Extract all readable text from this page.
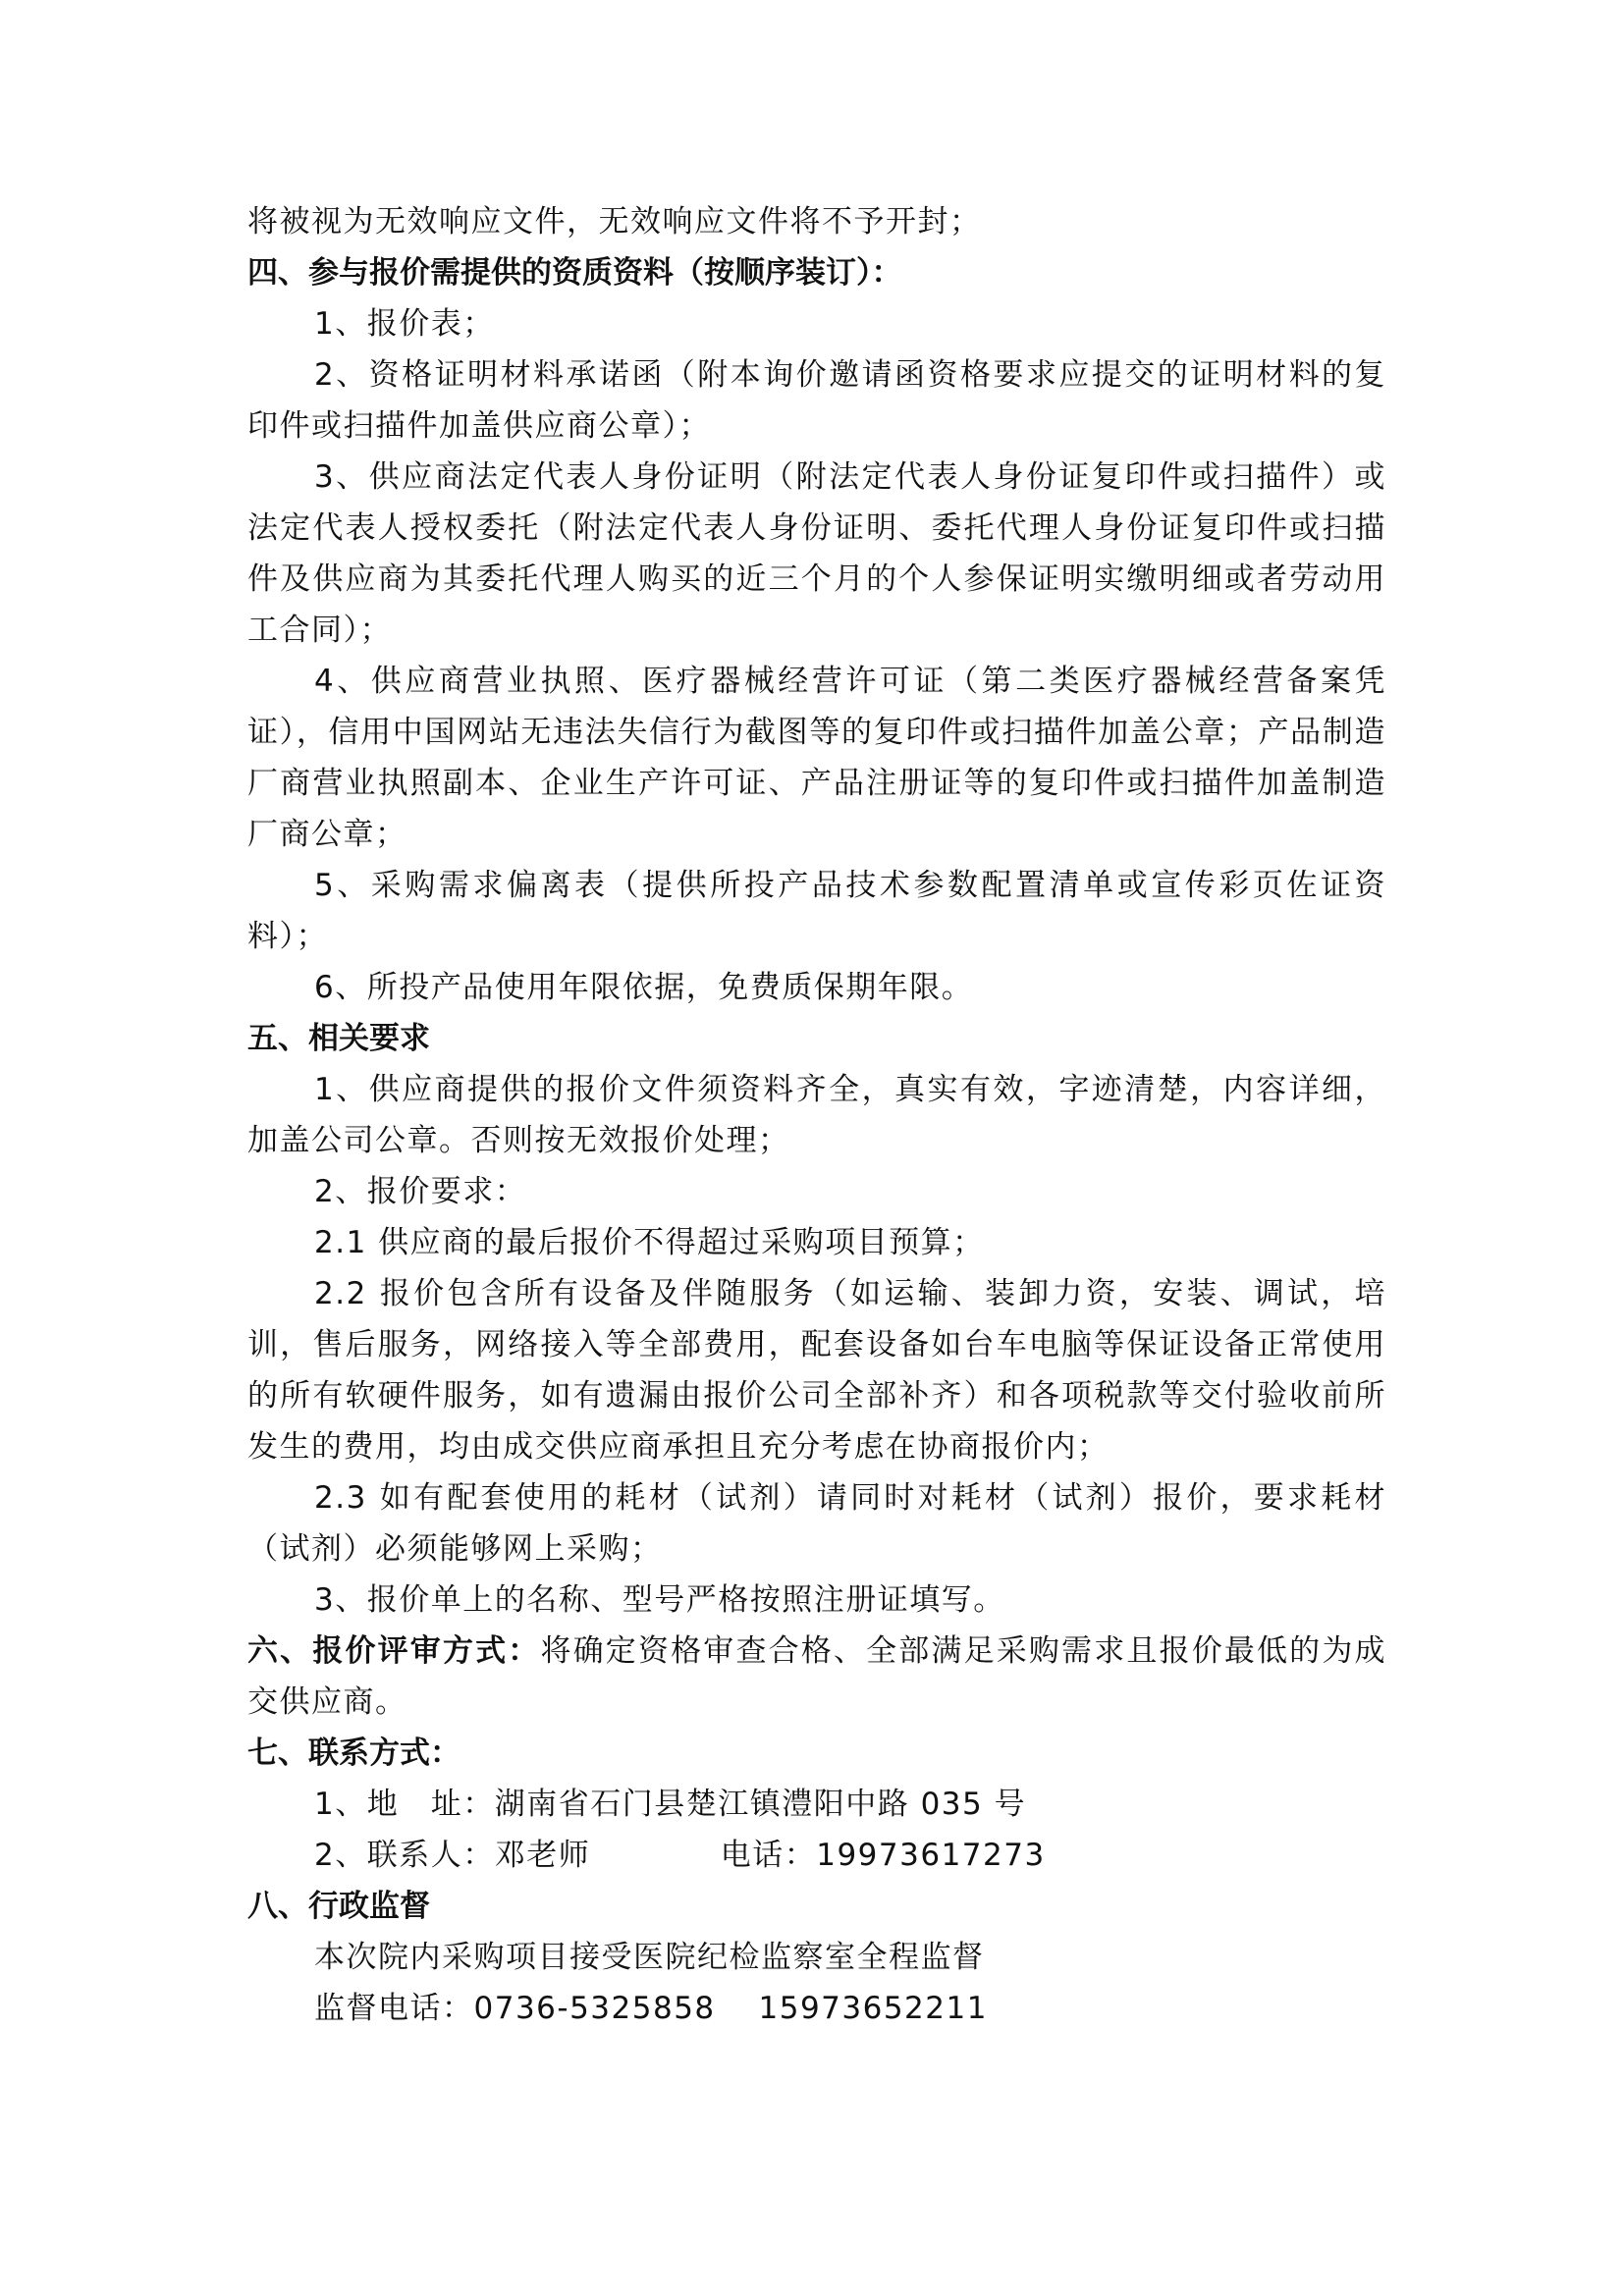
将被视为无效响应文件，无效响应文件将不予开封；

四、参与报价需提供的资质资料（按顺序装订）：

1、报价表；

2、资格证明材料承诺函（附本询价邀请函资格要求应提交的证明材料的复印件或扫描件加盖供应商公章）；

3、供应商法定代表人身份证明（附法定代表人身份证复印件或扫描件）或法定代表人授权委托（附法定代表人身份证明、委托代理人身份证复印件或扫描件及供应商为其委托代理人购买的近三个月的个人参保证明实缴明细或者劳动用工合同）；

4、供应商营业执照、医疗器械经营许可证（第二类医疗器械经营备案凭证），信用中国网站无违法失信行为截图等的复印件或扫描件加盖公章；产品制造厂商营业执照副本、企业生产许可证、产品注册证等的复印件或扫描件加盖制造厂商公章；

5、采购需求偏离表（提供所投产品技术参数配置清单或宣传彩页佐证资料）；

6、所投产品使用年限依据，免费质保期年限。

五、相关要求

1、供应商提供的报价文件须资料齐全，真实有效，字迹清楚，内容详细，加盖公司公章。否则按无效报价处理；

2、报价要求：

2.1 供应商的最后报价不得超过采购项目预算；

2.2 报价包含所有设备及伴随服务（如运输、装卸力资，安装、调试，培训，售后服务，网络接入等全部费用，配套设备如台车电脑等保证设备正常使用的所有软硬件服务，如有遗漏由报价公司全部补齐）和各项税款等交付验收前所发生的费用，均由成交供应商承担且充分考虑在协商报价内；

2.3 如有配套使用的耗材（试剂）请同时对耗材（试剂）报价，要求耗材（试剂）必须能够网上采购；

3、报价单上的名称、型号严格按照注册证填写。

六、报价评审方式：将确定资格审查合格、全部满足采购需求且报价最低的为成交供应商。

七、联系方式：

1、地　址：湖南省石门县楚江镇澧阳中路 035 号

2、联系人：邓老师	电话：19973617273

八、行政监督

本次院内采购项目接受医院纪检监察室全程监督

监督电话：0736-5325858 15973652211
